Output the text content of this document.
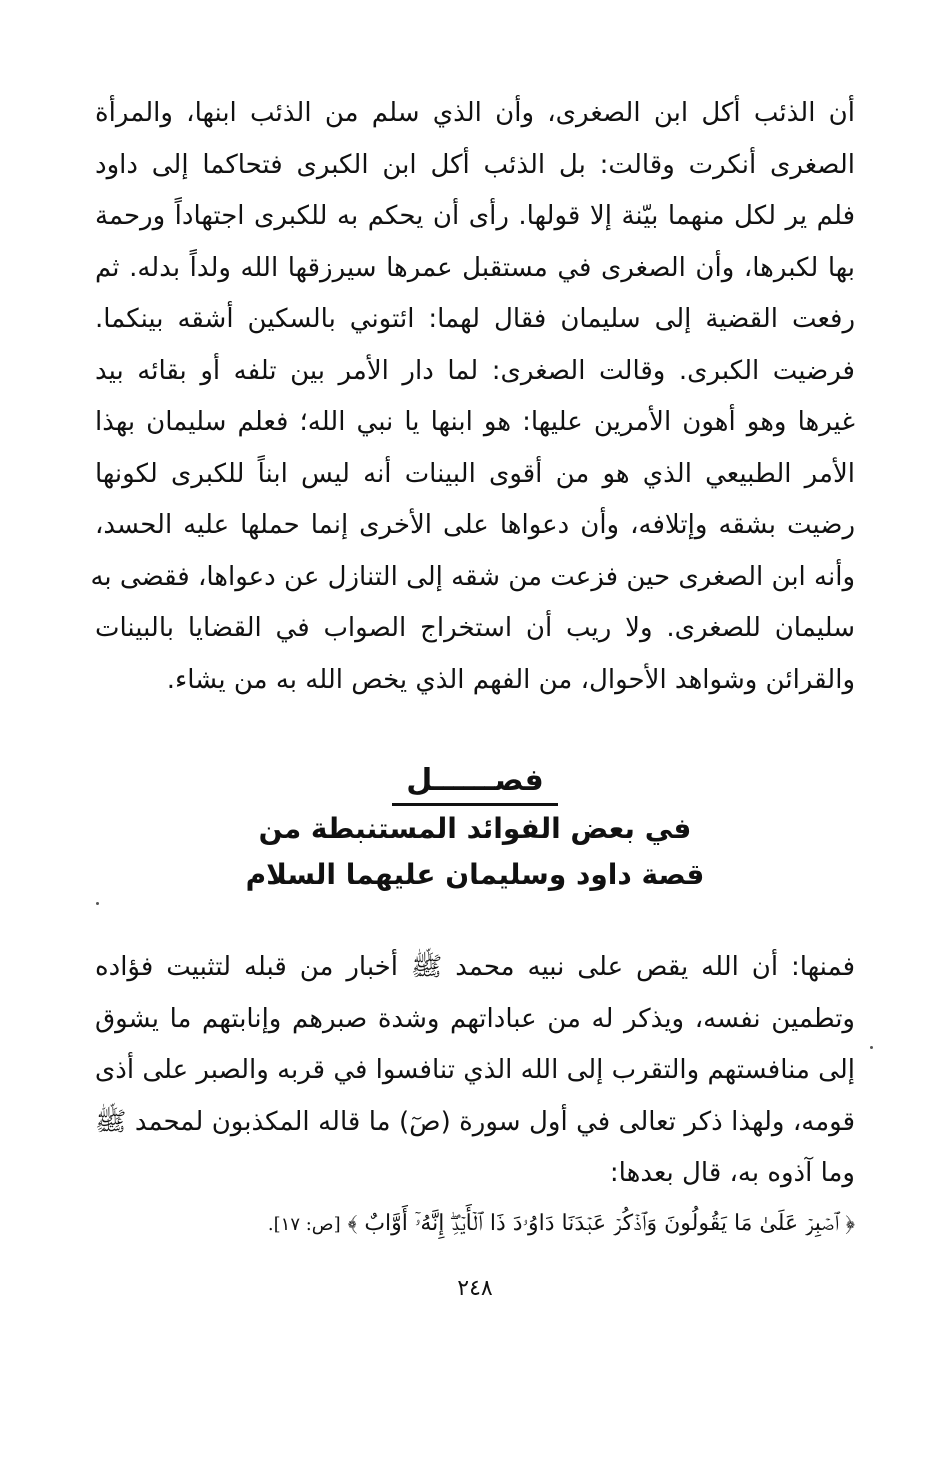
أن الذئب أكل ابن الصغرى، وأن الذي سلم من الذئب ابنها، والمرأة
الصغرى أنكرت وقالت: بل الذئب أكل ابن الكبرى فتحاكما إلى داود
فلم ير لكل منهما بيّنة إلا قولها. رأى أن يحكم به للكبرى اجتهاداً ورحمة
بها لكبرها، وأن الصغرى في مستقبل عمرها سيرزقها الله ولداً بدله. ثم
رفعت القضية إلى سليمان فقال لهما: ائتوني بالسكين أشقه بينكما.
فرضيت الكبرى. وقالت الصغرى: لما دار الأمر بين تلفه أو بقائه بيد
غيرها وهو أهون الأمرين عليها: هو ابنها يا نبي الله؛ فعلم سليمان بهذا
الأمر الطبيعي الذي هو من أقوى البينات أنه ليس ابناً للكبرى لكونها
رضيت بشقه وإتلافه، وأن دعواها على الأخرى إنما حملها عليه الحسد،
وأنه ابن الصغرى حين فزعت من شقه إلى التنازل عن دعواها، فقضى به
سليمان للصغرى. ولا ريب أن استخراج الصواب في القضايا بالبينات
والقرائن وشواهد الأحوال، من الفهم الذي يخص الله به من يشاء.
فصــــــل
في بعض الفوائد المستنبطة من
قصة داود وسليمان عليهما السلام
فمنها: أن الله يقص على نبيه محمد ﷺ أخبار من قبله لتثبيت فؤاده
وتطمين نفسه، ويذكر له من عباداتهم وشدة صبرهم وإنابتهم ما يشوق
إلى منافستهم والتقرب إلى الله الذي تنافسوا في قربه والصبر على أذى
قومه، ولهذا ذكر تعالى في أول سورة (صٓ) ما قاله المكذبون لمحمد ﷺ
وما آذوه به، قال بعدها:
﴿ ٱصۡبِرۡ عَلَىٰ مَا يَقُولُونَ وَٱذۡكُرۡ عَبۡدَنَا دَاوُۥدَ ذَا ٱلۡأَيۡدِۖ إِنَّهُۥٓ أَوَّابٌ ﴾ [ص: ١٧].
٢٤٨
